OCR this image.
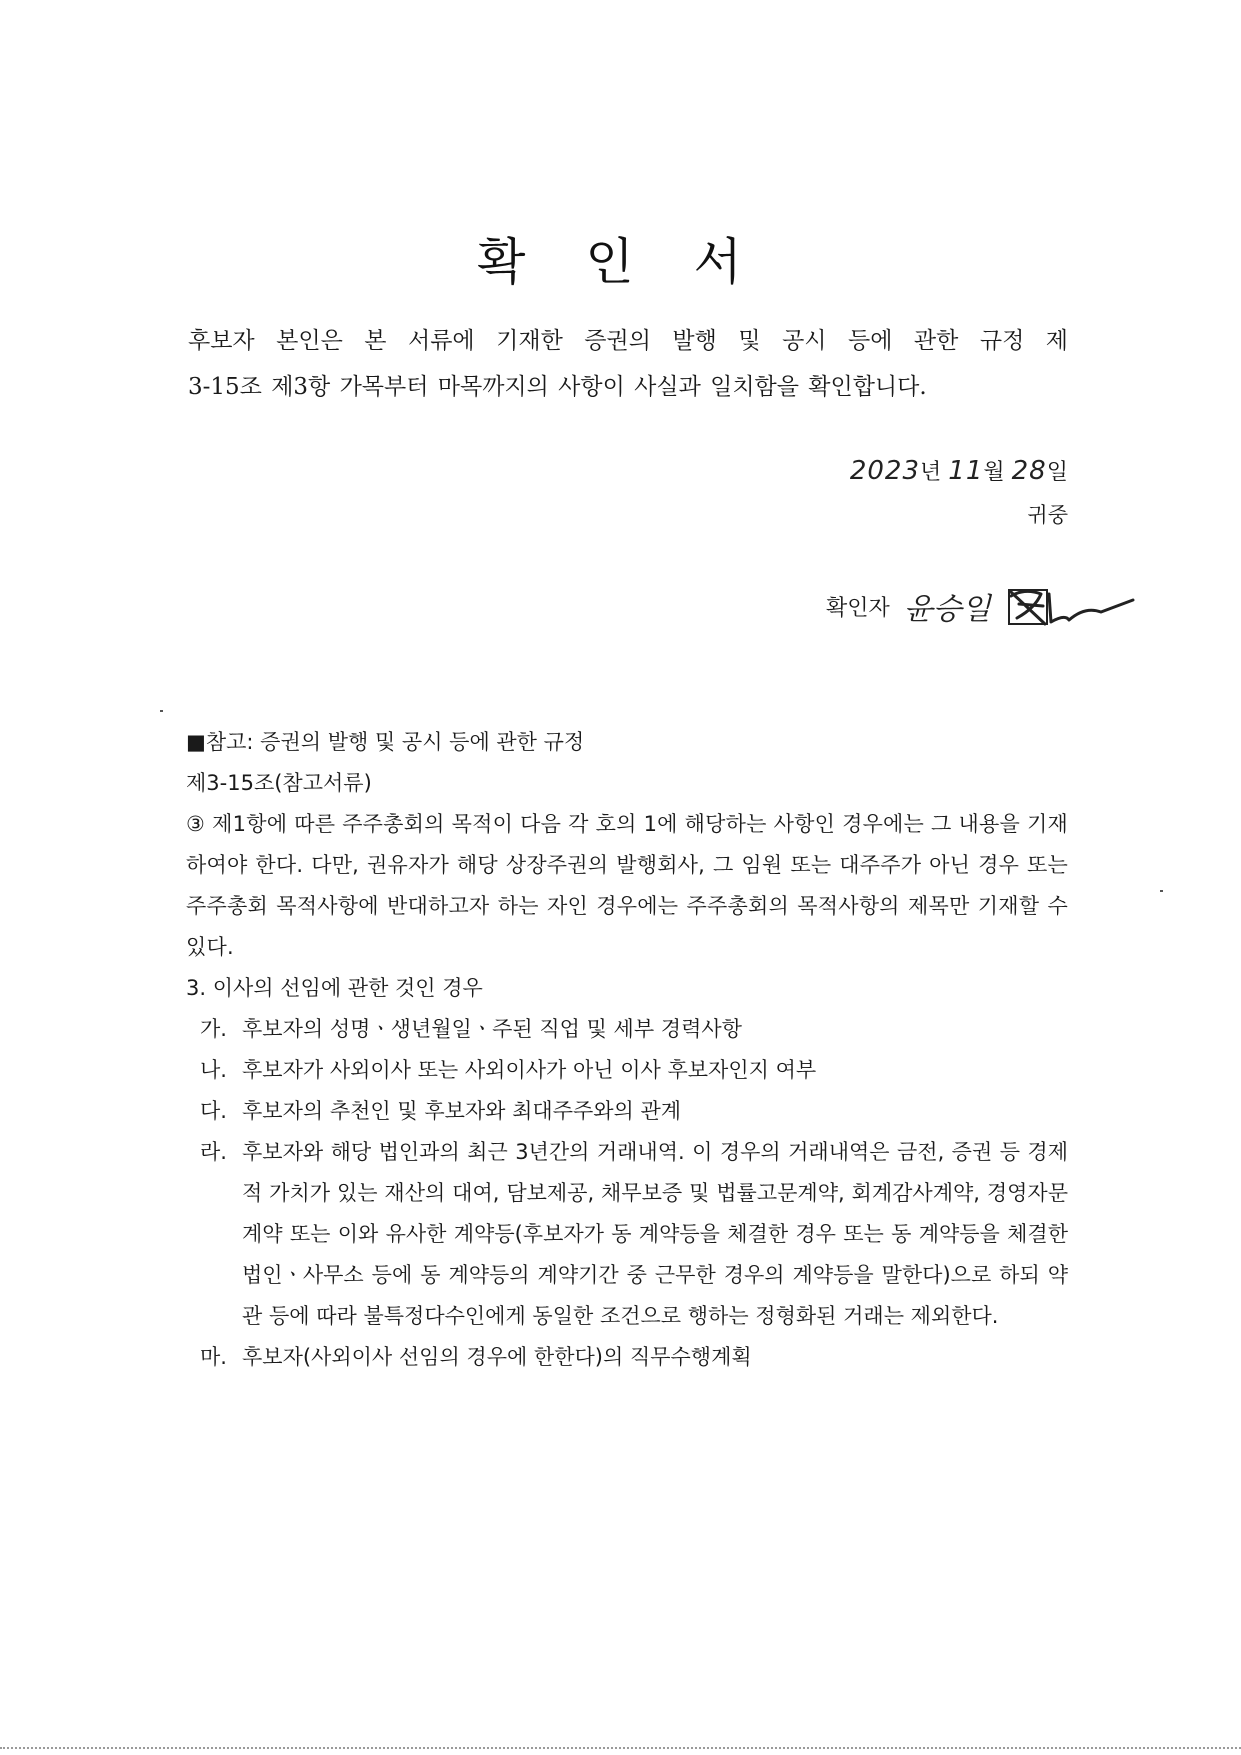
확 인 서
후보자 본인은 본 서류에 기재한 증권의 발행 및 공시 등에 관한 규정 제
3-15조 제3항 가목부터 마목까지의 사항이 사실과 일치함을 확인합니다.
2023년 11월 28일
귀중
확인자 윤승일
■참고: 증권의 발행 및 공시 등에 관한 규정
제3-15조(참고서류)
③ 제1항에 따른 주주총회의 목적이 다음 각 호의 1에 해당하는 사항인 경우에는 그 내용을 기재하여야 한다. 다만, 권유자가 해당 상장주권의 발행회사, 그 임원 또는 대주주가 아닌 경우 또는 주주총회 목적사항에 반대하고자 하는 자인 경우에는 주주총회의 목적사항의 제목만 기재할 수 있다.
3. 이사의 선임에 관한 것인 경우
가. 후보자의 성명ㆍ생년월일ㆍ주된 직업 및 세부 경력사항
나. 후보자가 사외이사 또는 사외이사가 아닌 이사 후보자인지 여부
다. 후보자의 추천인 및 후보자와 최대주주와의 관계
라. 후보자와 해당 법인과의 최근 3년간의 거래내역. 이 경우의 거래내역은 금전, 증권 등 경제적 가치가 있는 재산의 대여, 담보제공, 채무보증 및 법률고문계약, 회계감사계약, 경영자문계약 또는 이와 유사한 계약등(후보자가 동 계약등을 체결한 경우 또는 동 계약등을 체결한 법인ㆍ사무소 등에 동 계약등의 계약기간 중 근무한 경우의 계약등을 말한다)으로 하되 약관 등에 따라 불특정다수인에게 동일한 조건으로 행하는 정형화된 거래는 제외한다.
마. 후보자(사외이사 선임의 경우에 한한다)의 직무수행계획
